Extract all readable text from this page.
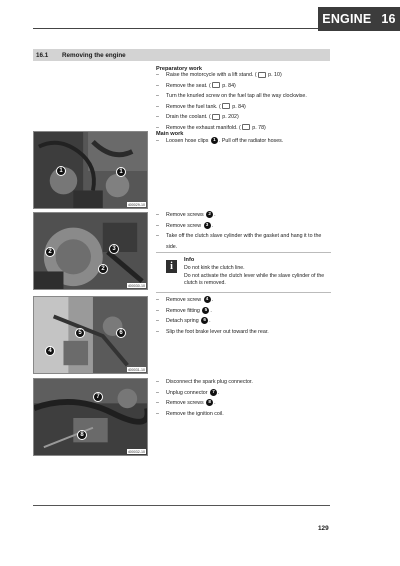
ENGINE 16
16.1	Removing the engine
Preparatory work
–	Raise the motorcycle with a lift stand. ( p. 10)
–	Remove the seat. ( p. 84)
–	Turn the knurled screw on the fuel tap all the way clockwise.
–	Remove the fuel tank. ( p. 84)
–	Drain the coolant. ( p. 202)
–	Remove the exhaust manifold. ( p. 78)
Main work
–	Loosen hose clips 1 . Pull off the radiator hoses.
1	1
400029-10
–	Remove screws 2 .
–	Remove screw 3 .
–	Take off the clutch slave cylinder with the gasket and hang it to the side.
i
Info
Do not kink the clutch line.
Do not activate the clutch lever while the slave cylinder of the clutch is removed.
2	3
2
400030-10
–	Remove screw 4 .
–	Remove fitting 5 .
–	Detach spring 6 .
–	Slip the foot brake lever out toward the rear.
5	6
4
400031-10
–	Disconnect the spark plug connector.
–	Unplug connector 7 .
–	Remove screws 8 .
–	Remove the ignition coil.
7
8
400032-10
129
